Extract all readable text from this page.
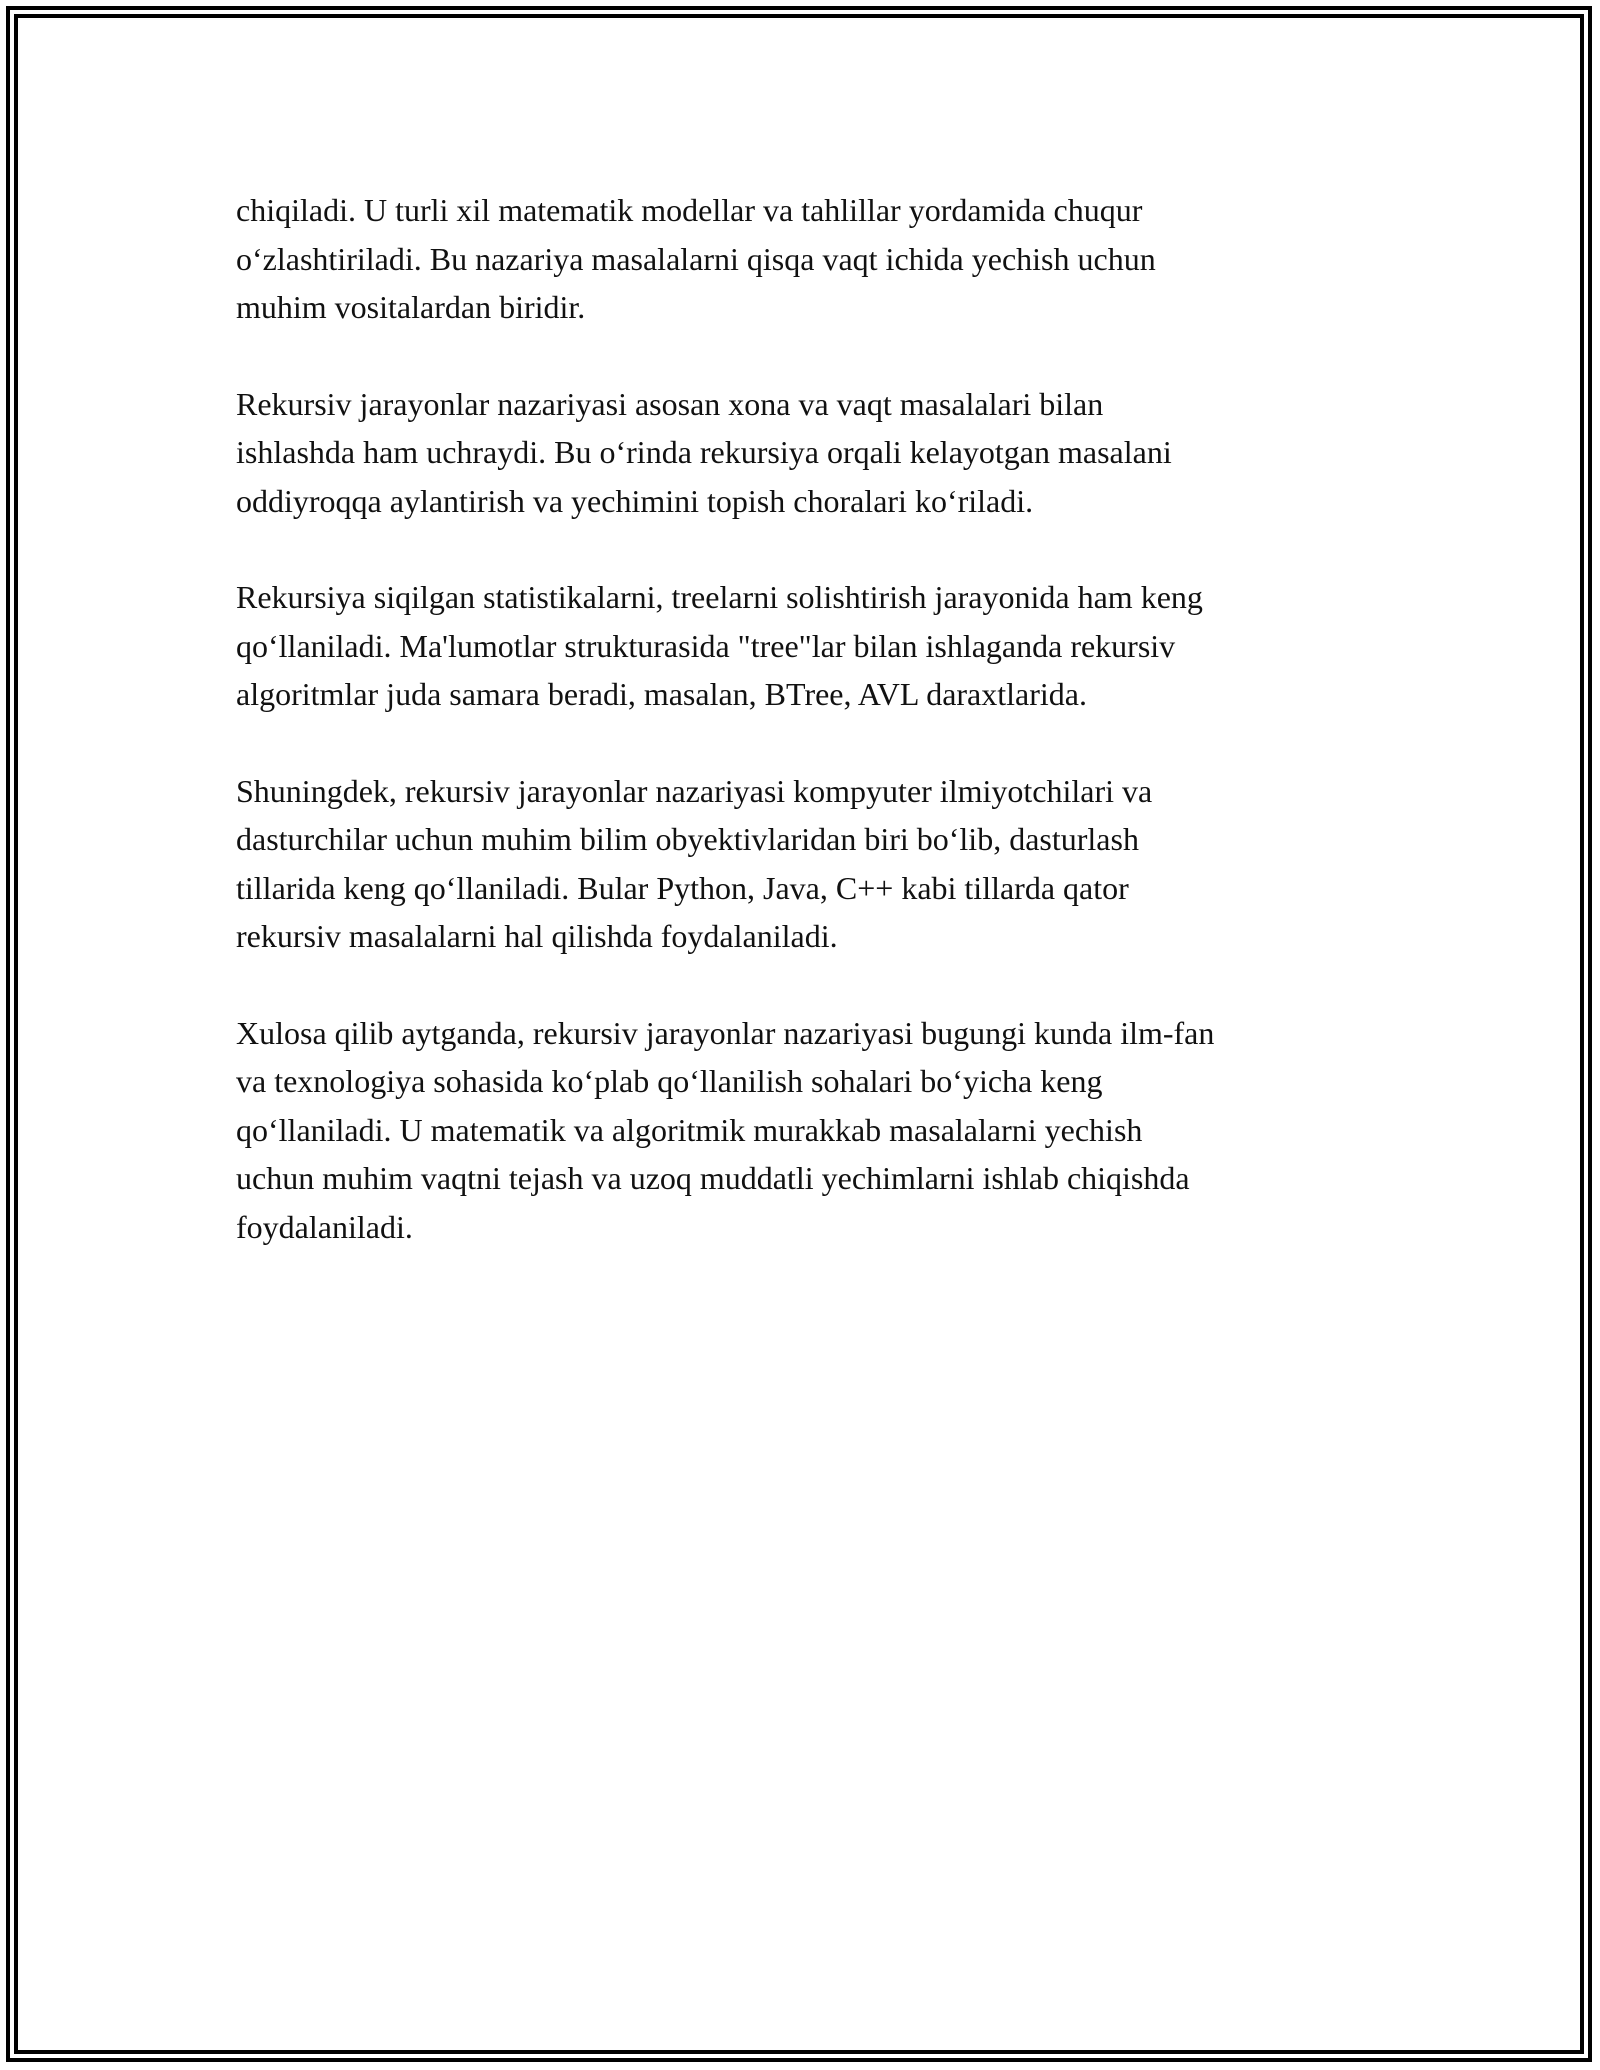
chiqiladi. U turli xil matematik modellar va tahlillar yordamida chuqur
o‘zlashtiriladi. Bu nazariya masalalarni qisqa vaqt ichida yechish uchun
muhim vositalardan biridir.

Rekursiv jarayonlar nazariyasi asosan xona va vaqt masalalari bilan
ishlashda ham uchraydi. Bu o‘rinda rekursiya orqali kelayotgan masalani
oddiyroqqa aylantirish va yechimini topish choralari ko‘riladi.

Rekursiya siqilgan statistikalarni, treelarni solishtirish jarayonida ham keng
qo‘llaniladi. Ma'lumotlar strukturasida "tree"lar bilan ishlaganda rekursiv
algoritmlar juda samara beradi, masalan, BTree, AVL daraxtlarida.

Shuningdek, rekursiv jarayonlar nazariyasi kompyuter ilmiyotchilari va
dasturchilar uchun muhim bilim obyektivlaridan biri bo‘lib, dasturlash
tillarida keng qo‘llaniladi. Bular Python, Java, C++ kabi tillarda qator
rekursiv masalalarni hal qilishda foydalaniladi.

Xulosa qilib aytganda, rekursiv jarayonlar nazariyasi bugungi kunda ilm-fan
va texnologiya sohasida ko‘plab qo‘llanilish sohalari bo‘yicha keng
qo‘llaniladi. U matematik va algoritmik murakkab masalalarni yechish
uchun muhim vaqtni tejash va uzoq muddatli yechimlarni ishlab chiqishda
foydalaniladi.
